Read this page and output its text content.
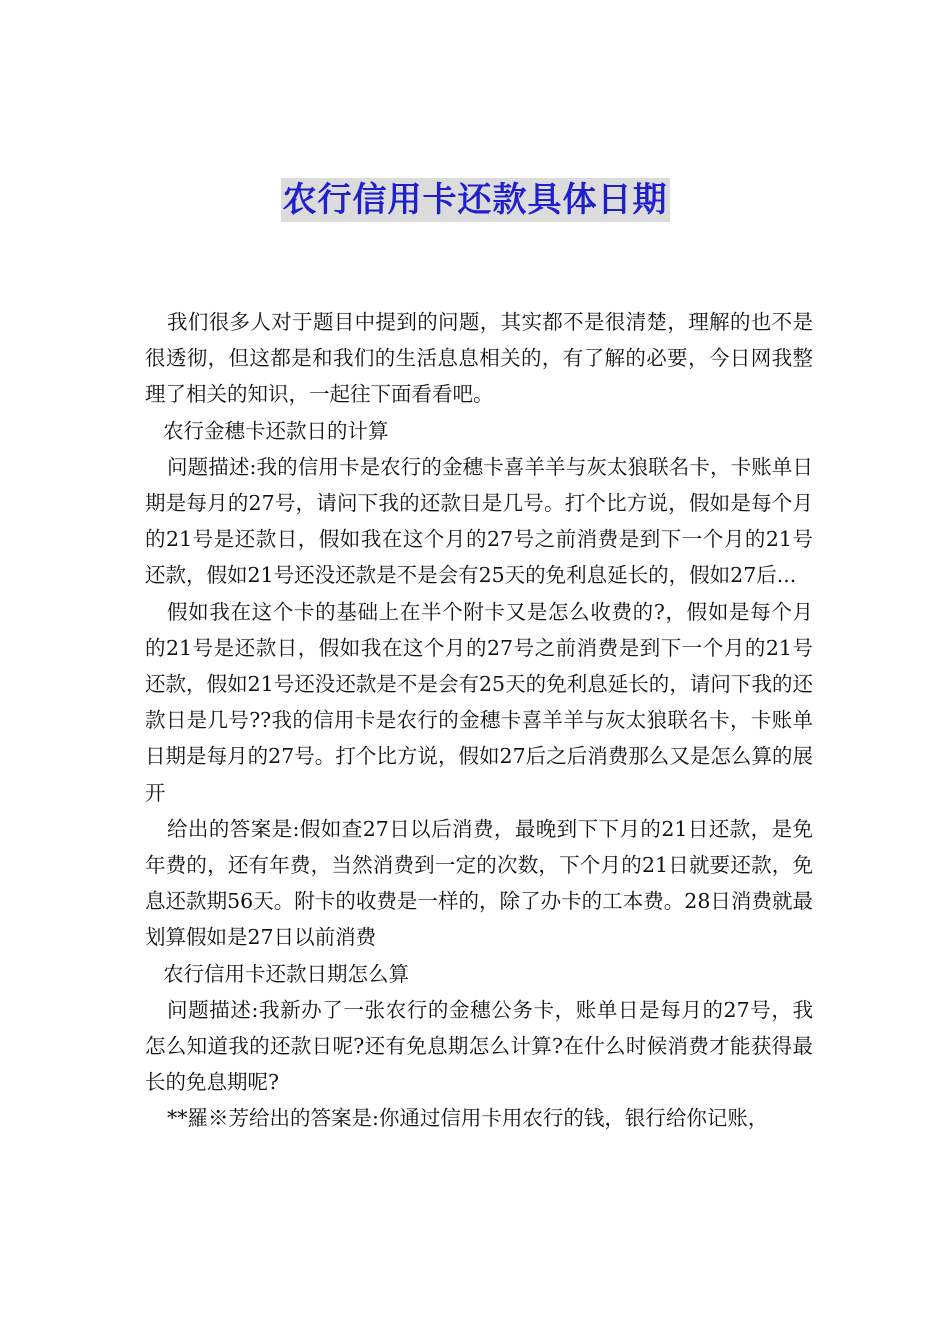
农行信用卡还款具体日期

我们很多人对于题目中提到的问题，其实都不是很清楚，理解的也不是很透彻，但这都是和我们的生活息息相关的，有了解的必要，今日网我整理了相关的知识，一起往下面看看吧。

农行金穗卡还款日的计算

问题描述:我的信用卡是农行的金穗卡喜羊羊与灰太狼联名卡，卡账单日期是每月的27号，请问下我的还款日是几号。打个比方说，假如是每个月的21号是还款日，假如我在这个月的27号之前消费是到下一个月的21号还款，假如21号还没还款是不是会有25天的免利息延长的，假如27后...

假如我在这个卡的基础上在半个附卡又是怎么收费的?，假如是每个月的21号是还款日，假如我在这个月的27号之前消费是到下一个月的21号还款，假如21号还没还款是不是会有25天的免利息延长的，请问下我的还款日是几号??我的信用卡是农行的金穗卡喜羊羊与灰太狼联名卡，卡账单日期是每月的27号。打个比方说，假如27后之后消费那么又是怎么算的展开

给出的答案是:假如查27日以后消费，最晚到下下月的21日还款，是免年费的，还有年费，当然消费到一定的次数，下个月的21日就要还款，免息还款期56天。附卡的收费是一样的，除了办卡的工本费。28日消费就最划算假如是27日以前消费

农行信用卡还款日期怎么算

问题描述:我新办了一张农行的金穗公务卡，账单日是每月的27号，我怎么知道我的还款日呢?还有免息期怎么计算?在什么时候消费才能获得最长的免息期呢?

**羅※芳给出的答案是:你通过信用卡用农行的钱，银行给你记账，
